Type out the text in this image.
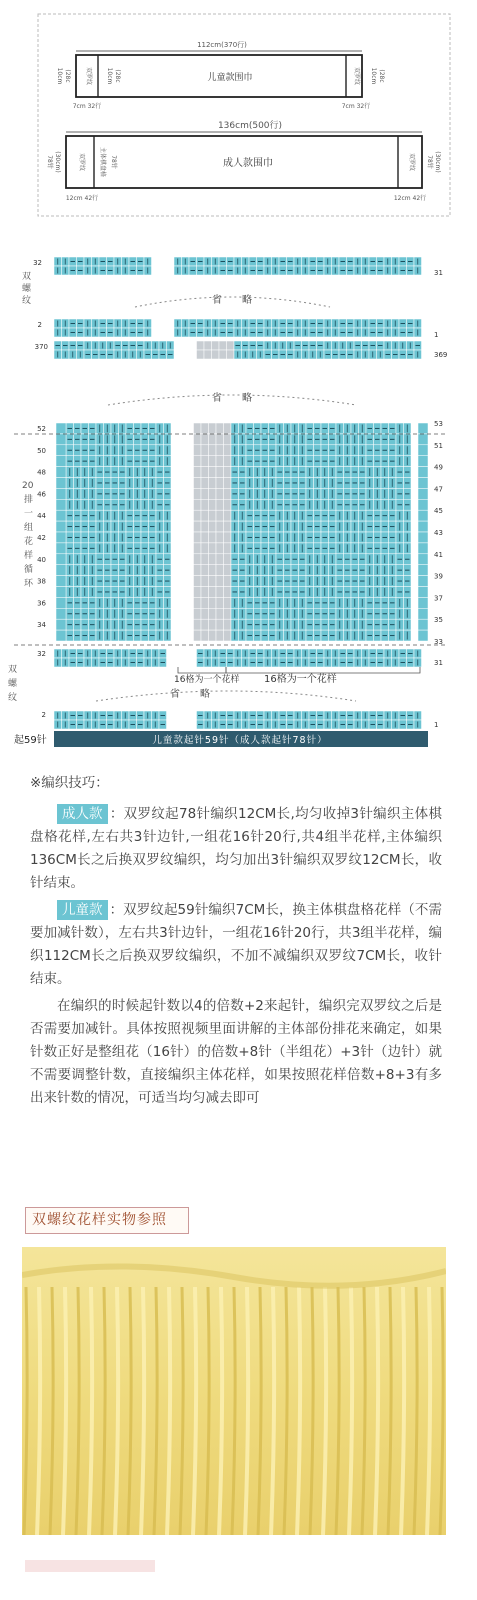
112cm(370行)
儿童款围巾
10cm (28c 双罗纹 10cm (28c	双罗纹 10cm (28c
7cm 32行	7cm 32行
136cm(500行)
成人款围巾
78针 (30cm)	双罗纹 主体棋盘格 78针	双罗纹 78针 (30cm)
12cm 42行	12cm 42行
双
螺
纹
20
排
一
组
花
样
循
环
双
螺
纹
省　　略
省　　略
省　　略
16格为一个花样 16格为一个花样
起59针	儿童款起针59针（成人款起针78针）
32
2
31
1
370
369
52
50
48
46
44
42
40
38
36
34
32
2
53
51
49
47
45
43
41
39
37
35
33
31
1
※编织技巧：

成人款 ：双罗纹起78针编织12CM长,均匀收掉3针编织主体棋盘格花样,左右共3针边针,一组花16针20行,共4组半花样,主体编织136CM长之后换双罗纹编织，均匀加出3针编织双罗纹12CM长，收针结束。

儿童款 ：双罗纹起59针编织7CM长，换主体棋盘格花样（不需要加减针数），左右共3针边针，一组花16针20行，共3组半花样，编织112CM长之后换双罗纹编织，不加不减编织双罗纹7CM长，收针结束。

在编织的时候起针数以4的倍数+2来起针，编织完双罗纹之后是否需要加减针。具体按照视频里面讲解的主体部份排花来确定，如果针数正好是整组花（16针）的倍数+8针（半组花）+3针（边针）就不需要调整针数，直接编织主体花样，如果按照花样倍数+8+3有多出来针数的情况，可适当均匀减去即可

双螺纹花样实物参照
